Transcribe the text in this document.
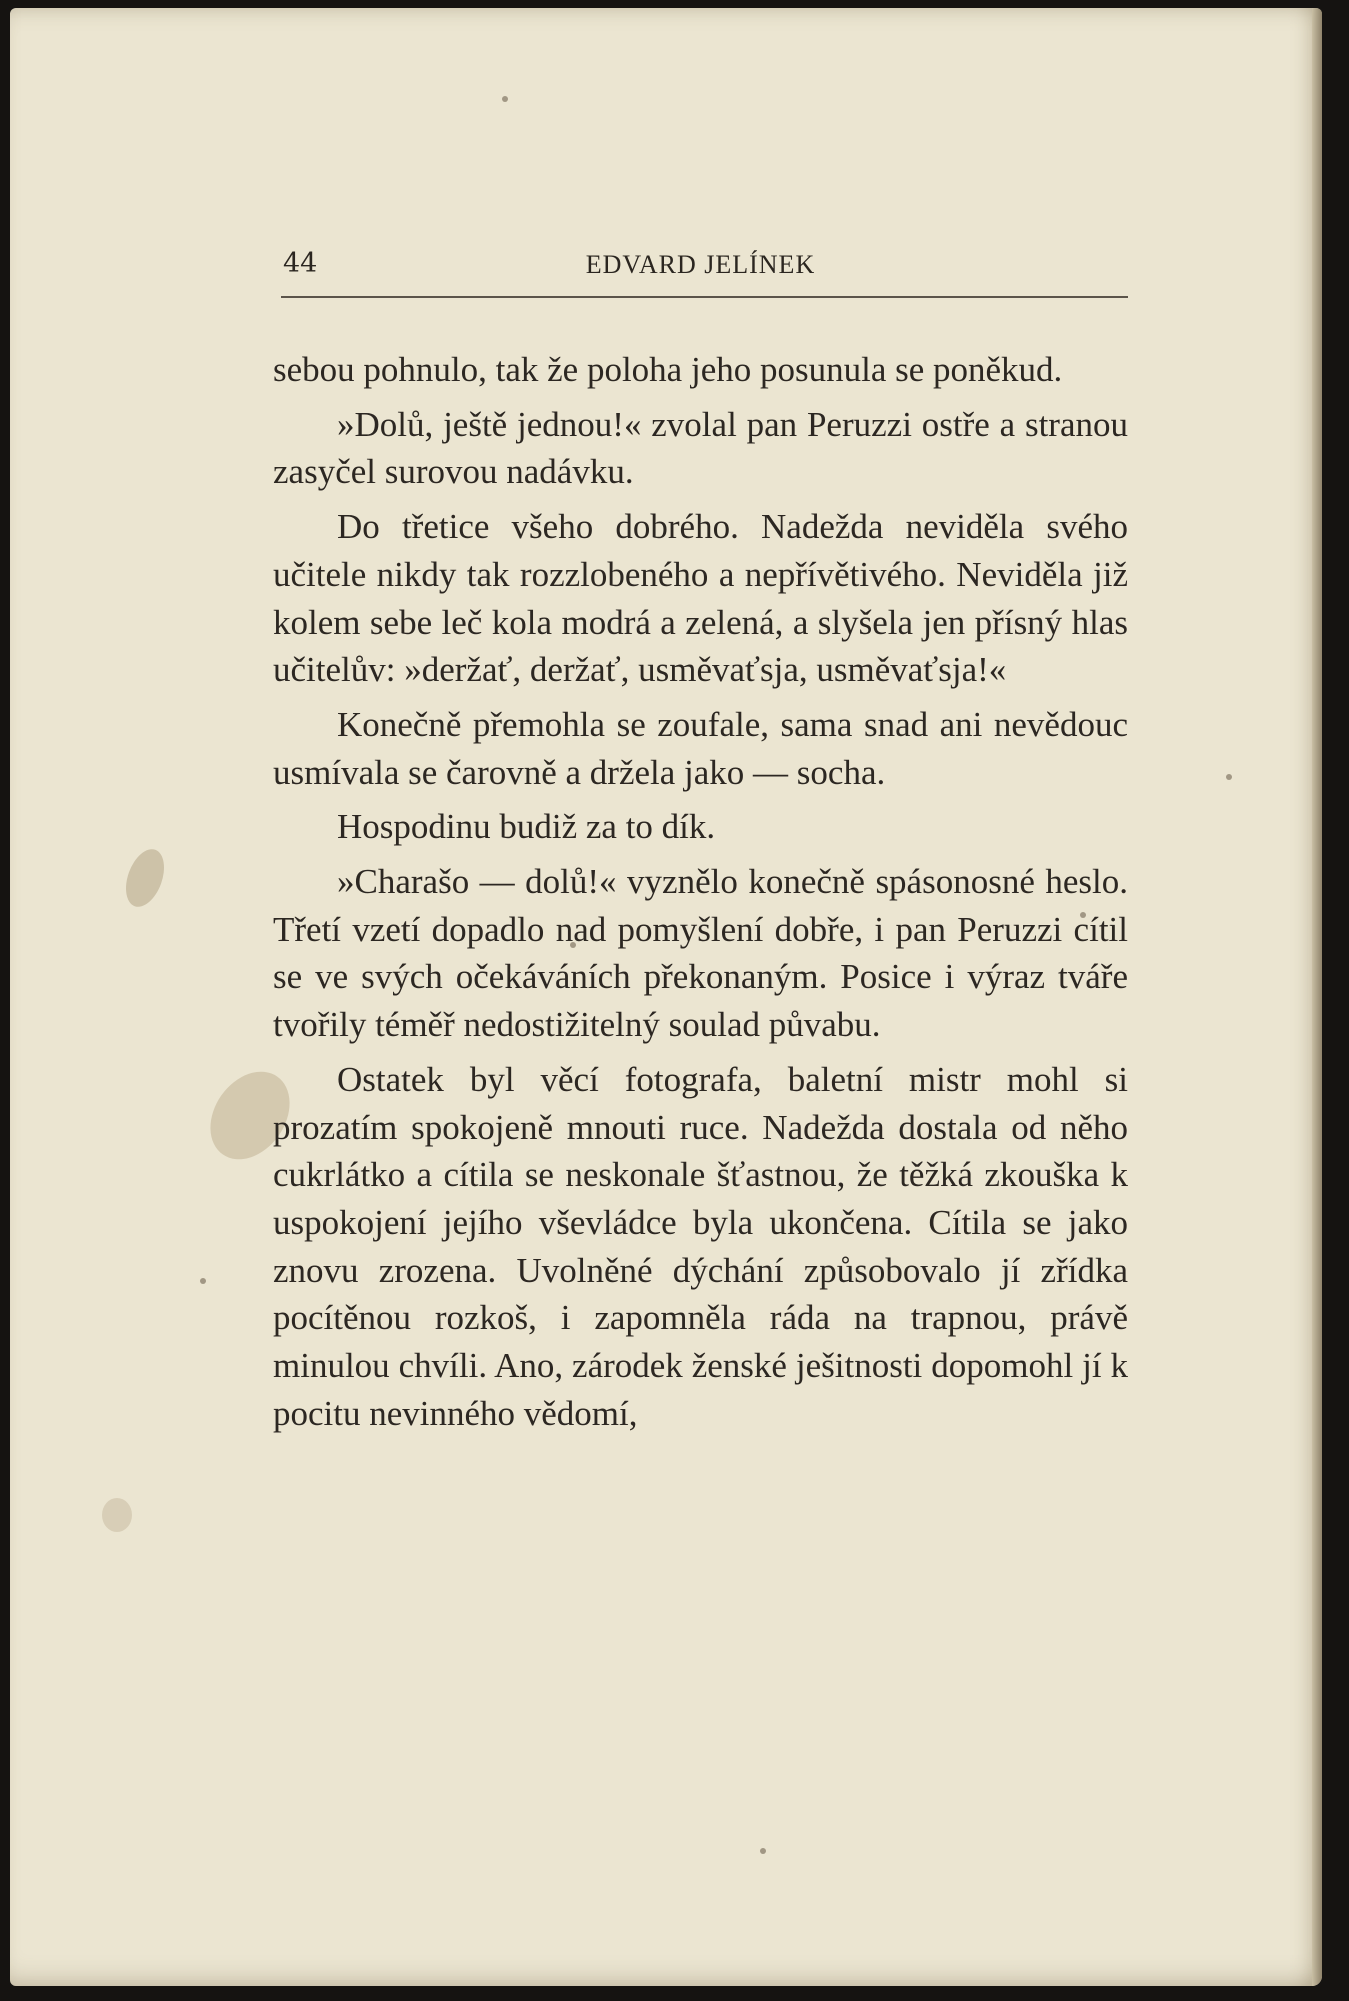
44	EDVARD JELÍNEK

sebou pohnulo, tak že poloha jeho posunula se poněkud.

»Dolů, ještě jednou!« zvolal pan Peruzzi ostře a stranou zasyčel surovou nadávku.

Do třetice všeho dobrého. Nadežda neviděla svého učitele nikdy tak rozzlobeného a nepřívětivého. Neviděla již kolem sebe leč kola modrá a zelená, a slyšela jen přísný hlas učitelův: »deržať, deržať, usměvaťsja, usměvaťsja!«

Konečně přemohla se zoufale, sama snad ani nevědouc usmívala se čarovně a držela jako — socha.

Hospodinu budiž za to dík.

»Charašo — dolů!« vyznělo konečně spásonosné heslo. Třetí vzetí dopadlo nad pomyšlení dobře, i pan Peruzzi cítil se ve svých očekáváních překonaným. Posice i výraz tváře tvořily téměř nedostižitelný soulad půvabu.

Ostatek byl věcí fotografa, baletní mistr mohl si prozatím spokojeně mnouti ruce. Nadežda dostala od něho cukrlátko a cítila se neskonale šťastnou, že těžká zkouška k uspokojení jejího vševládce byla ukončena. Cítila se jako znovu zrozena. Uvolněné dýchání způsobovalo jí zřídka pocítěnou rozkoš, i zapomněla ráda na trapnou, právě minulou chvíli. Ano, zárodek ženské ješitnosti dopomohl jí k pocitu nevinného vědomí,
